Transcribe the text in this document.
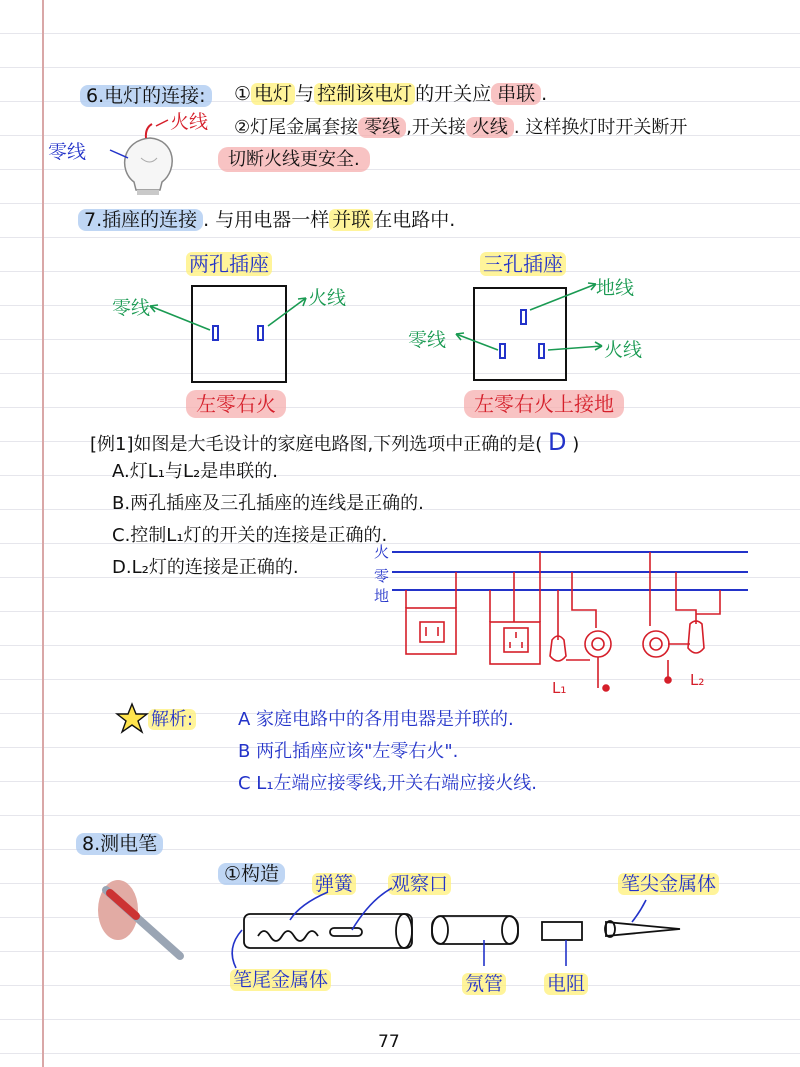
6.电灯的连接:	① 电灯 与 控制该电灯 的开关应 串联 .
②灯尾金属套接 零线 ,开关接 火线 . 这样换灯时开关断开
切断火线更安全.
零线
火线
7.插座的连接 . 与用电器一样 并联 在电路中.
两孔插座	三孔插座
零线	火线	地线
零线	火线
左零右火	左零右火上接地
[例1]如图是大毛设计的家庭电路图,下列选项中正确的是( D )
A.灯L₁与L₂是串联的.
B.两孔插座及三孔插座的连线是正确的.
C.控制L₁灯的开关的连接是正确的.
D.L₂灯的连接是正确的.
火
零
地
L₁	L₂
解析: A 家庭电路中的各用电器是并联的.
B 两孔插座应该"左零右火".
C L₁左端应接零线,开关右端应接火线.
8.测电笔
①构造	弹簧 观察口	笔尖金属体
笔尾金属体	氖管 电阻
77
